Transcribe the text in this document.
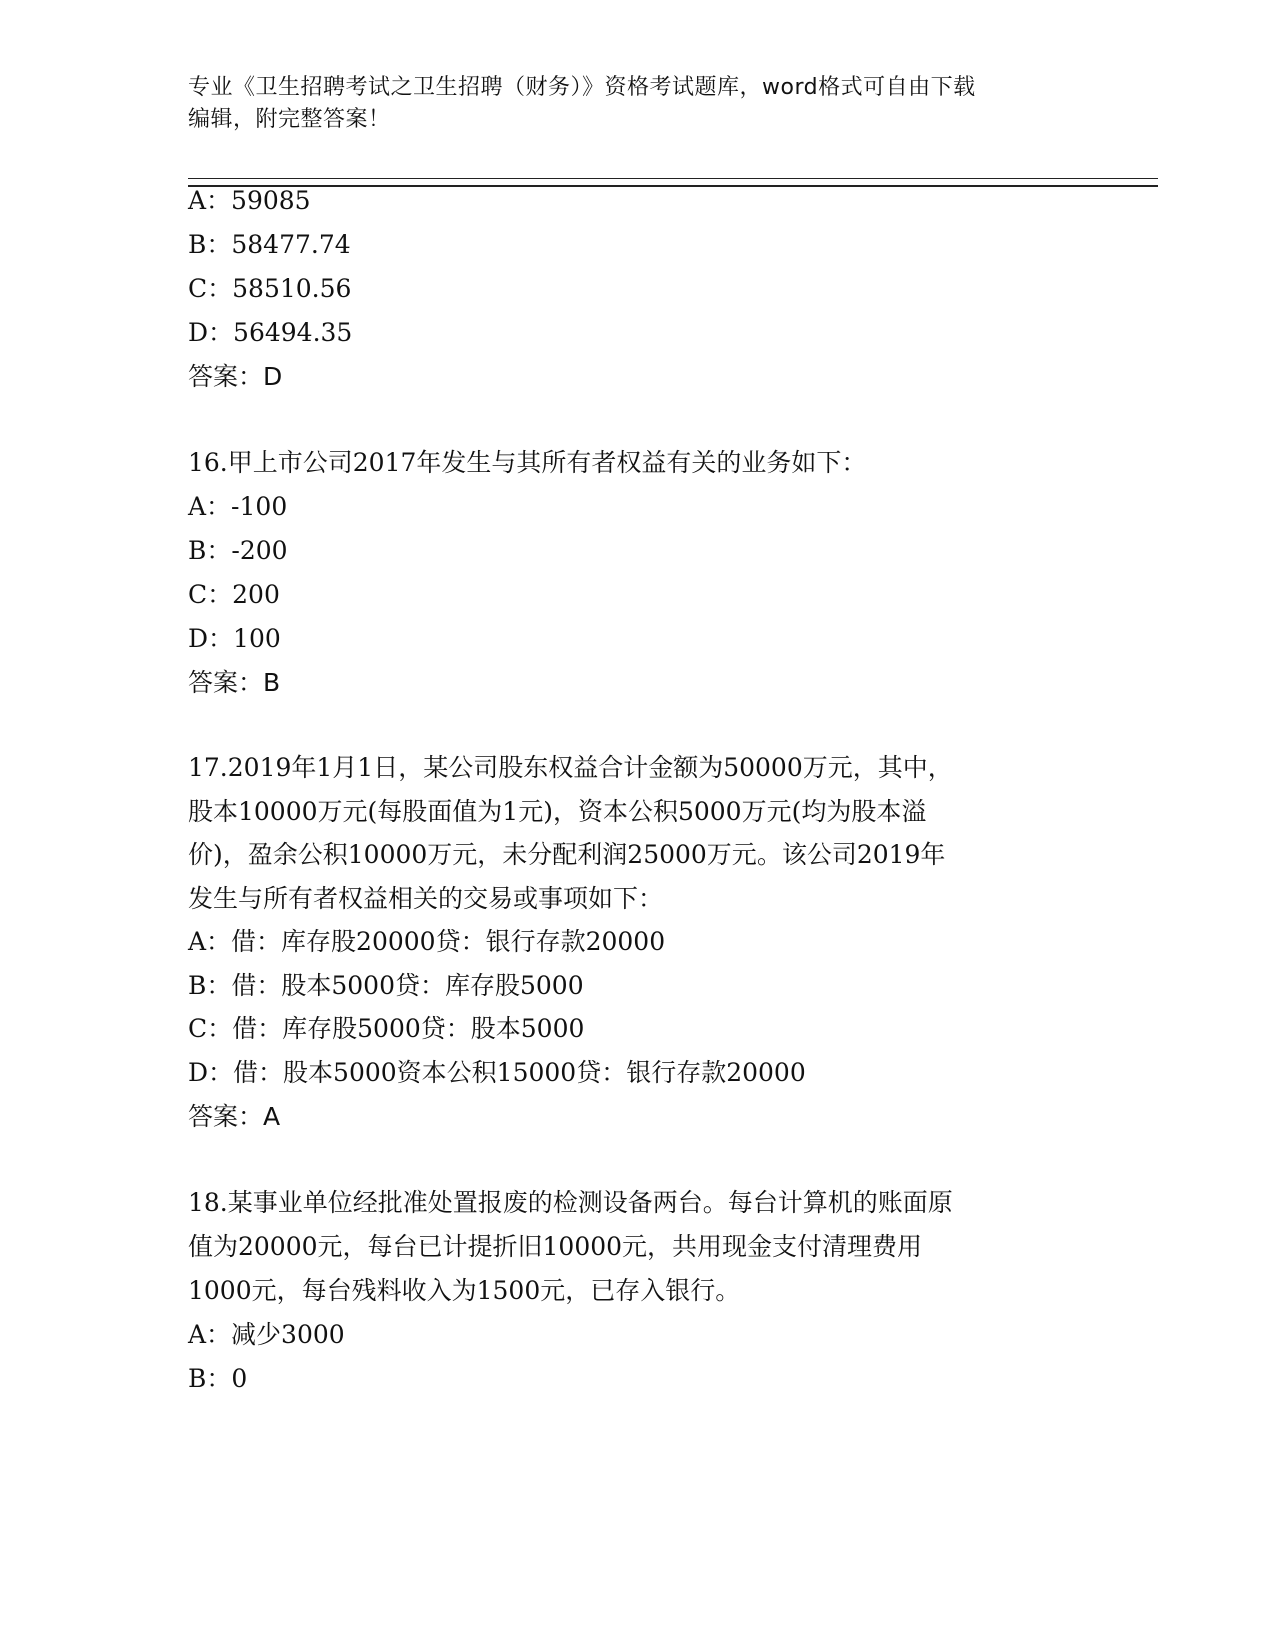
专业《卫生招聘考试之卫生招聘（财务）》资格考试题库，word格式可自由下载
编辑，附完整答案！
A：59085
B：58477.74
C：58510.56
D：56494.35
答案：D
16.甲上市公司2017年发生与其所有者权益有关的业务如下：
A：-100
B：-200
C：200
D：100
答案：B
17.2019年1月1日，某公司股东权益合计金额为50000万元，其中，
股本10000万元(每股面值为1元)，资本公积5000万元(均为股本溢
价)，盈余公积10000万元，未分配利润25000万元。该公司2019年
发生与所有者权益相关的交易或事项如下：
A：借：库存股20000贷：银行存款20000
B：借：股本5000贷：库存股5000
C：借：库存股5000贷：股本5000
D：借：股本5000资本公积15000贷：银行存款20000
答案：A
18.某事业单位经批准处置报废的检测设备两台。每台计算机的账面原
值为20000元，每台已计提折旧10000元，共用现金支付清理费用
1000元，每台残料收入为1500元，已存入银行。
A：减少3000
B：0
